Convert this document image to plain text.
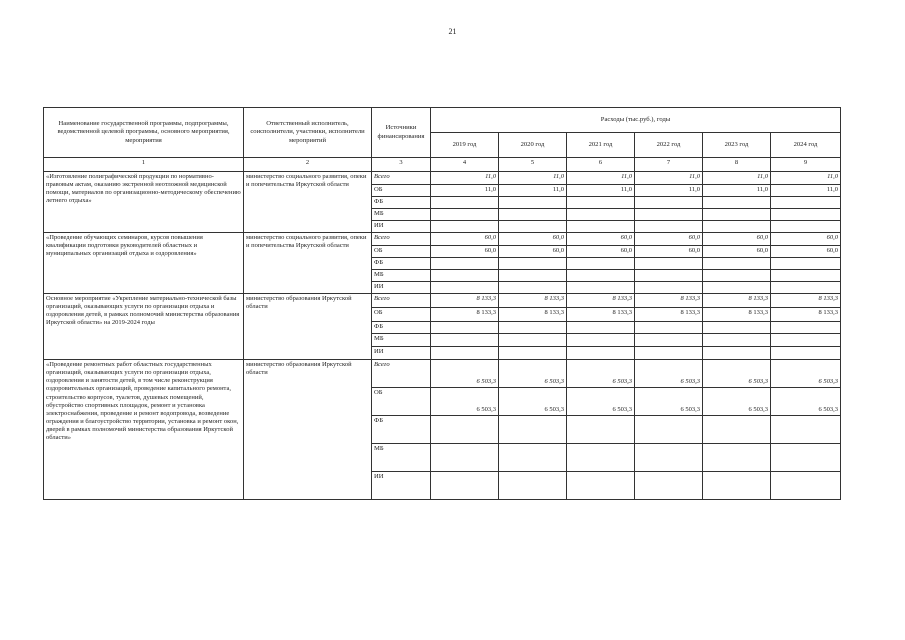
21
Наименование государственной программы, подпрограммы, ведомственной целевой программы, основного мероприятия, мероприятия	Ответственный исполнитель, соисполнители, участники, исполнители мероприятий	Источники финансирования	Расходы (тыс.руб.), годы					
			2019 год	2020 год	2021 год	2022 год	2023 год	2024 год
1	2	3	4	5	6	7	8	9
«Изготовление полиграфической продукции по нормативно-правовым актам, оказанию экстренной неотложной медицинской помощи, материалов по организационно-методическому обеспечению летнего отдыха»	министерство социального развития, опеки и попечительства Иркутской области	Всего	11,0	11,0	11,0	11,0	11,0	11,0
		ОБ	11,0	11,0	11,0	11,0	11,0	11,0
		ФБ						
		МБ						
		ИИ						
«Проведение обучающих семинаров, курсов повышения квалификации подготовки руководителей областных и муниципальных организаций отдыха и оздоровления»	министерство социального развития, опеки и попечительства Иркутской области	Всего	60,0	60,0	60,0	60,0	60,0	60,0
		ОБ	60,0	60,0	60,0	60,0	60,0	60,0
		ФБ						
		МБ						
		ИИ						
Основное мероприятие «Укрепление материально-технической базы организаций, оказывающих услуги по организации отдыха и оздоровления детей, в рамках полномочий министерства образования Иркутской области» на 2019-2024 годы	министерство образования Иркутской области	Всего	8 133,3	8 133,3	8 133,3	8 133,3	8 133,3	8 133,3
		ОБ	8 133,3	8 133,3	8 133,3	8 133,3	8 133,3	8 133,3
		ФБ						
		МБ						
		ИИ						
«Проведение ремонтных работ областных государственных организаций, оказывающих услуги по организации отдыха, оздоровления и занятости детей, в том числе реконструкция оздоровительных организаций, проведение капитального ремонта, строительство корпусов, туалетов, душевых помещений, обустройство спортивных площадок, ремонт и установка электроснабжения, проведение и ремонт водопровода, возведение ограждения и благоустройство территории, установка и ремонт окон, дверей в рамках полномочий министерства образования Иркутской области»	министерство образования Иркутской области	Всего	6 503,3	6 503,3	6 503,3	6 503,3	6 503,3	6 503,3
		ОБ	6 503,3	6 503,3	6 503,3	6 503,3	6 503,3	6 503,3
		ФБ						
		МБ						
		ИИ						
